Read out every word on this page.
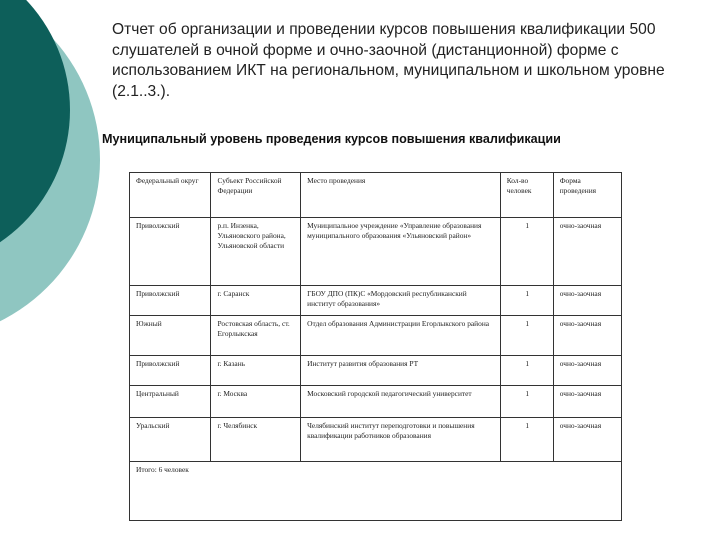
Отчет об организации и проведении курсов повышения квалификации 500 слушателей в очной форме и очно-заочной (дистанционной) форме с использованием ИКТ на региональном, муниципальном и школьном уровне (2.1..3.).
Муниципальный уровень проведения курсов повышения квалификации
Федеральный округ	Субъект Российской Федерации	Место проведения	Кол-во человек	Форма проведения
Приволжский	р.п. Инзенка, Ульяновского района, Ульяновской области	Муниципальное учреждение «Управление образования муниципального образования «Ульяновский район»	1	очно-заочная
Приволжский	г. Саранск	ГБОУ ДПО (ПК)С «Мордовский республиканский институт образования»	1	очно-заочная
Южный	Ростовская область, ст. Егорлыкская	Отдел образования Администрации Егорлыкского района	1	очно-заочная
Приволжский	г. Казань	Институт развития образования РТ	1	очно-заочная
Центральный	г. Москва	Московский городской педагогический университет	1	очно-заочная
Уральский	г. Челябинск	Челябинский институт переподготовки и повышения квалификации работников образования	1	очно-заочная
Итого: 6 человек				
